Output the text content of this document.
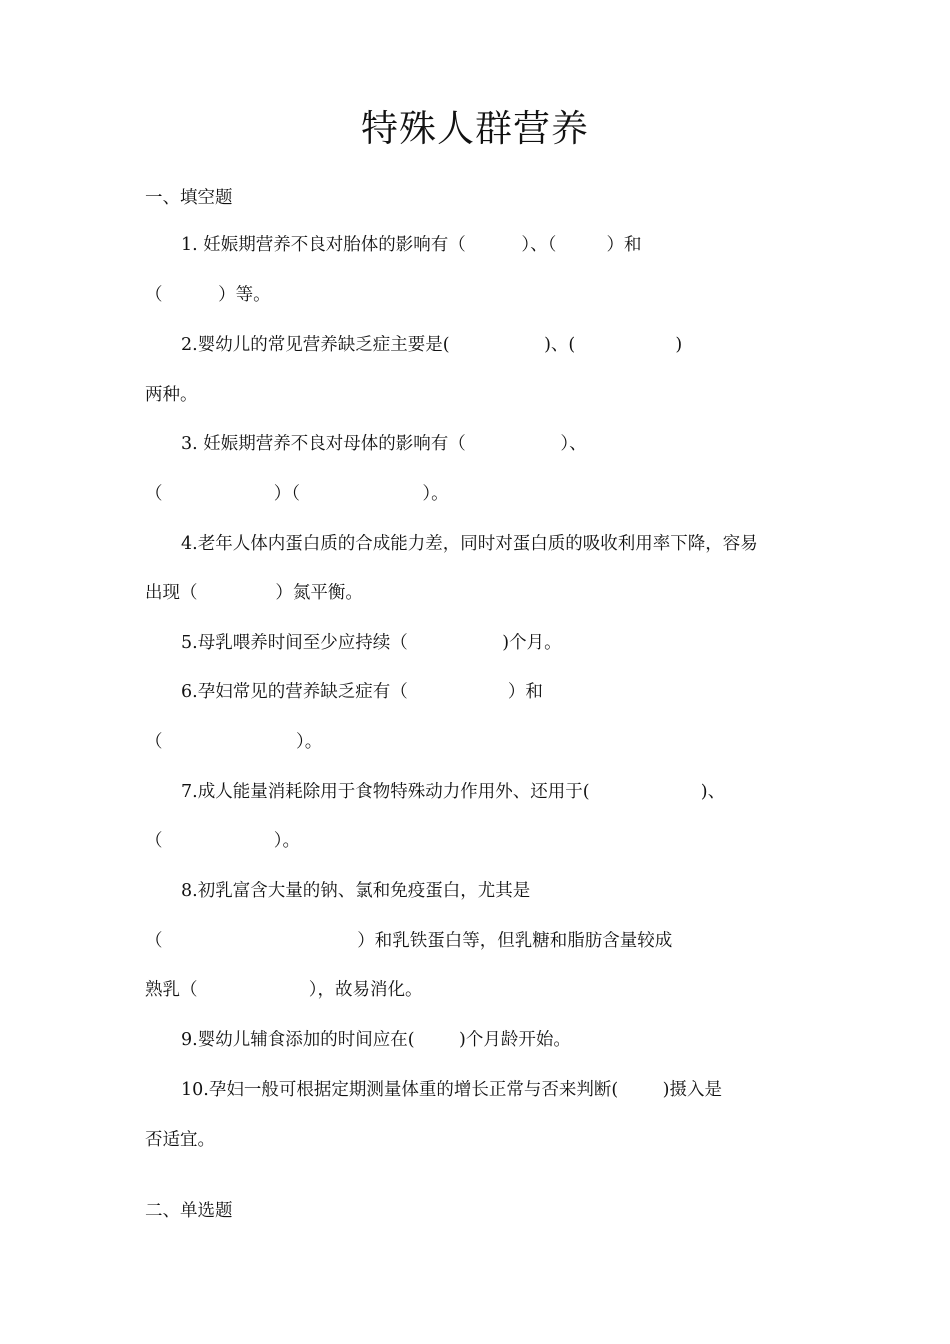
特殊人群营养
一、填空题
1. 妊娠期营养不良对胎体的影响有（          ）、（         ）和
（          ）等。
2.婴幼儿的常见营养缺乏症主要是(                 )、(                  )
两种。
3. 妊娠期营养不良对母体的影响有（                 ）、
（                    ）（                      ）。
4.老年人体内蛋白质的合成能力差，同时对蛋白质的吸收利用率下降，容易
出现（              ）氮平衡。
5.母乳喂养时间至少应持续（                 )个月。
6.孕妇常见的营养缺乏症有（                  ）和
（                        ）。
7.成人能量消耗除用于食物特殊动力作用外、还用于(                    )、
（                    ）。
8.初乳富含大量的钠、氯和免疫蛋白，尤其是
（                                   ）和乳铁蛋白等，但乳糖和脂肪含量较成
熟乳（                    ），故易消化。
9.婴幼儿辅食添加的时间应在(        )个月龄开始。
10.孕妇一般可根据定期测量体重的增长正常与否来判断(        )摄入是
否适宜。
二、单选题
